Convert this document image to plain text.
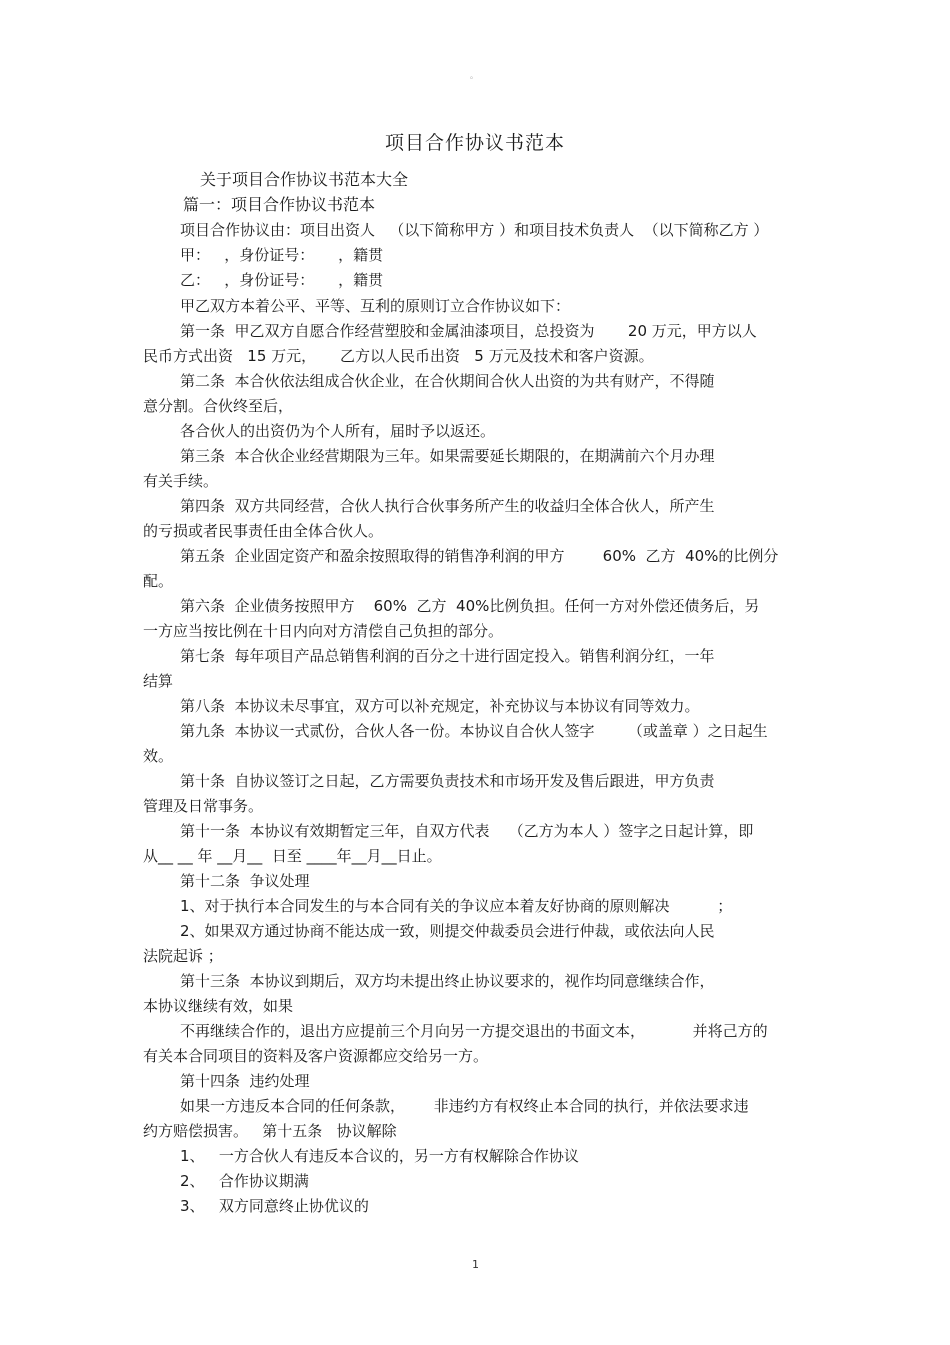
。
项目合作协议书范本
关于项目合作协议书范本大全
篇一：项目合作协议书范本
项目合作协议由：项目出资人   （以下简称甲方 ）和项目技术负责人  （以下简称乙方 ）
甲：   ，身份证号：     ，籍贯
乙：   ，身份证号：     ，籍贯
甲乙双方本着公平、平等、互利的原则订立合作协议如下：
第一条  甲乙双方自愿合作经营塑胶和金属油漆项目，总投资为       20 万元，甲方以人
民币方式出资   15 万元，     乙方以人民币出资   5 万元及技术和客户资源。
第二条  本合伙依法组成合伙企业，在合伙期间合伙人出资的为共有财产，不得随
意分割。合伙终至后，
各合伙人的出资仍为个人所有，届时予以返还。
第三条  本合伙企业经营期限为三年。如果需要延长期限的，在期满前六个月办理
有关手续。
第四条  双方共同经营，合伙人执行合伙事务所产生的收益归全体合伙人，所产生
的亏损或者民事责任由全体合伙人。
第五条  企业固定资产和盈余按照取得的销售净利润的甲方        60%  乙方  40%的比例分
配。
第六条  企业债务按照甲方    60%  乙方  40%比例负担。任何一方对外偿还债务后，另
一方应当按比例在十日内向对方清偿自己负担的部分。
第七条  每年项目产品总销售利润的百分之十进行固定投入。销售利润分红，一年
结算
第八条  本协议未尽事宜，双方可以补充规定，补充协议与本协议有同等效力。
第九条  本协议一式贰份，合伙人各一份。本协议自合伙人签字       （或盖章 ）之日起生
效。
第十条  自协议签订之日起，乙方需要负责技术和市场开发及售后跟进，甲方负责
管理及日常事务。
第十一条  本协议有效期暂定三年，自双方代表    （乙方为本人 ）签字之日起计算，即
从__ __ 年 __月__  日至 ____年__月__日止。
第十二条  争议处理
1、对于执行本合同发生的与本合同有关的争议应本着友好协商的原则解决          ；
2、如果双方通过协商不能达成一致，则提交仲裁委员会进行仲裁，或依法向人民
法院起诉 ；
第十三条  本协议到期后，双方均未提出终止协议要求的，视作均同意继续合作，
本协议继续有效，如果
不再继续合作的，退出方应提前三个月向另一方提交退出的书面文本，          并将己方的
有关本合同项目的资料及客户资源都应交给另一方。
第十四条  违约处理
如果一方违反本合同的任何条款，      非违约方有权终止本合同的执行，并依法要求违
约方赔偿损害。   第十五条   协议解除
1、   一方合伙人有违反本合议的，另一方有权解除合作协议
2、   合作协议期满
3、   双方同意终止协优议的
1
